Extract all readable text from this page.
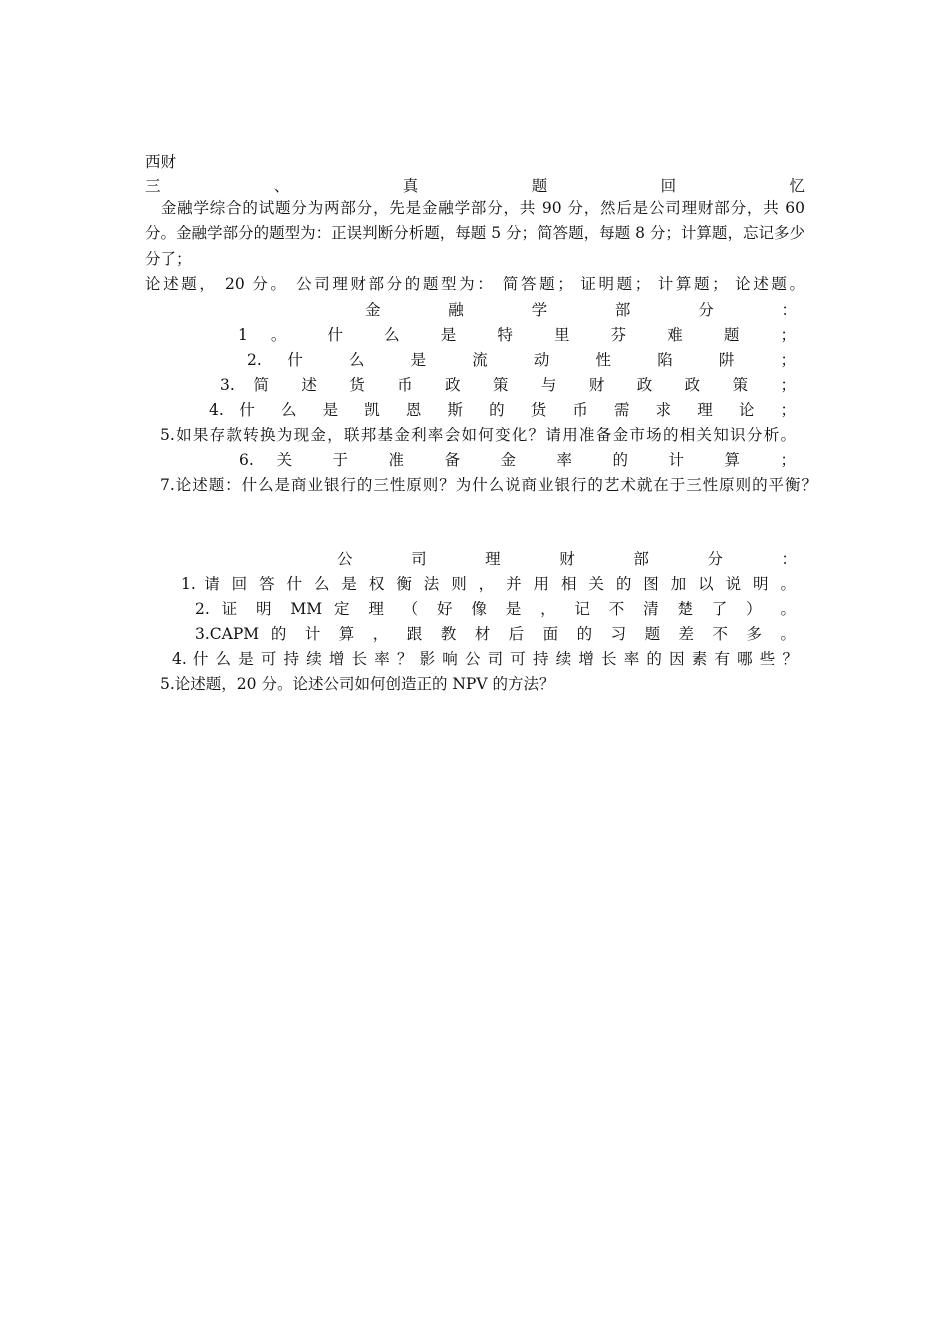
西财
三、真题回忆
金融学综合的试题分为两部分，先是金融学部分，共 90 分，然后是公司理财部分，共 60 分。金融学部分的题型为：正误判断分析题，每题 5 分；简答题，每题 8 分；计算题，忘记多少分了；
论述题， 20 分。 公司理财部分的题型为： 简答题； 证明题； 计算题； 论述题。
金融学部分：
1 。 什 么 是 特 里 芬 难 题 ；
2. 什 么 是 流 动 性 陷 阱 ；
3. 简 述 货 币 政 策 与 财 政 政 策 ；
4. 什 么 是 凯 恩 斯 的 货 币 需 求 理 论 ；
5.如果存款转换为现金，联邦基金利率会如何变化？请用准备金市场的相关知识分析。
6. 关 于 准 备 金 率 的 计 算 ；
7.论述题：什么是商业银行的三性原则？为什么说商业银行的艺术就在于三性原则的平衡？
公司理财部分：
1. 请 回 答 什 么 是 权 衡 法 则 ， 并 用 相 关 的 图 加 以 说 明 。
2. 证 明 MM 定 理 （ 好 像 是 ， 记 不 清 楚 了 ） 。
3.CAPM 的 计 算 ， 跟 教 材 后 面 的 习 题 差 不 多 。
4. 什 么 是 可 持 续 增 长 率 ？ 影 响 公 司 可 持 续 增 长 率 的 因 素 有 哪 些 ？
5.论述题，20 分。论述公司如何创造正的 NPV 的方法？
